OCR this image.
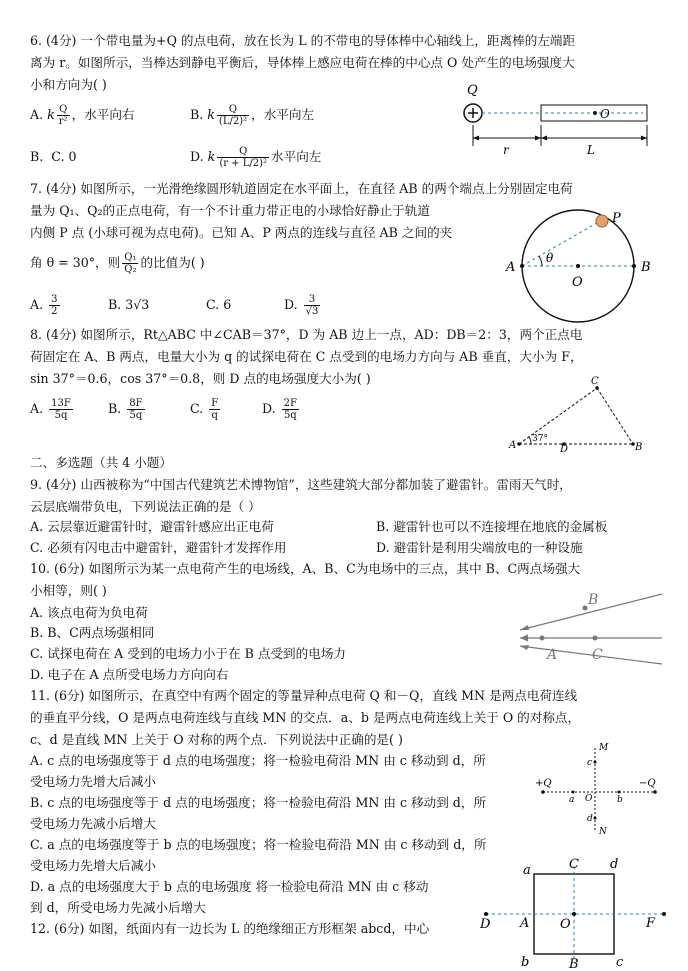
6. (4分) 一个带电量为+Q 的点电荷，放在长为 L 的不带电的导体棒中心轴线上，距离棒的左端距
离为 r。如图所示，当棒达到静电平衡后，导体棒上感应电荷在棒的中心点 O 处产生的电场强度大
小和方向为( )
A. k $\frac{Q}{\text{r²}}$ ，水平向右	B. k $\frac{Q}{\text{(L/2)²}}$ ，水平向左
B. C. 0	D. k $\frac{Q}{\text{(r + L/2)²}}$ 水平向左
Q
O
r	L
7. (4分) 如图所示，一光滑绝缘圆形轨道固定在水平面上，在直径 AB 的两个端点上分别固定电荷
量为 Q₁、Q₂的正点电荷，有一个不计重力带正电的小球恰好静止于轨道
内侧 P 点 (小球可视为点电荷)。已知 A、P 两点的连线与直径 AB 之间的夹
角 θ = 30°，则 $\frac{\text{Q₁}}{\text{Q₂}}$ 的比值为( )
A. $\frac{3}{2}$	B. 3√3	C. 6	D. $\frac{3}{√3}$
P
A	B
O
θ
8. (4分) 如图所示，Rt△ABC 中∠CAB＝37°，D 为 AB 边上一点，AD：DB＝2：3，两个正点电
荷固定在 A、B 两点，电量大小为 q 的试探电荷在 C 点受到的电场力方向与 AB 垂直，大小为 F，
sin 37°＝0.6，cos 37°＝0.8，则 D 点的电场强度大小为( )
A. $\frac{13F}{5q}$	B. $\frac{8F}{5q}$	C. $\frac{F}{q}$	D. $\frac{2F}{5q}$
C
A	B
D
37°
二、多选题（共 4 小题）
9. (4分) 山西被称为“中国古代建筑艺术博物馆”，这些建筑大部分都加装了避雷针。雷雨天气时，
云层底端带负电，下列说法正确的是（ ）
A. 云层靠近避雷针时，避雷针感应出正电荷	B. 避雷针也可以不连接埋在地底的金属板
C. 必须有闪电击中避雷针，避雷针才发挥作用	D. 避雷针是利用尖端放电的一种设施
10. (6分) 如图所示为某一点电荷产生的电场线，A、B、C为电场中的三点，其中 B、C两点场强大
小相等，则( )
A. 该点电荷为负电荷
B. B、C两点场强相同
C. 试探电荷在 A 受到的电场力小于在 B 点受到的电场力
D. 电子在 A 点所受电场力方向向右
B
A C
11. (6分) 如图所示，在真空中有两个固定的等量异种点电荷 Q 和－Q，直线 MN 是两点电荷连线
的垂直平分线，O 是两点电荷连线与直线 MN 的交点．a、b 是两点电荷连线上关于 O 的对称点，
c、d 是直线 MN 上关于 O 对称的两个点．下列说法中正确的是( )
A. c 点的电场强度等于 d 点的电场强度；将一检验电荷沿 MN 由 c 移动到 d，所
受电场力先增大后减小
B. c 点的电场强度等于 d 点的电场强度；将一检验电荷沿 MN 由 c 移动到 d，所
受电场力先减小后增大
C. a 点的电场强度等于 b 点的电场强度；将一检验电荷沿 MN 由 c 移动到 d，所
受电场力先增大后减小
D. a 点的电场强度大于 b 点的电场强度 将一检验电荷沿 MN 由 c 移动
到 d，所受电场力先减小后增大
M
N
+Q	−Q
a	b
c
d
O
12. (6分) 如图，纸面内有一边长为 L 的绝缘细正方形框架 abcd，中心
a
b	c
d
C
B
A
D	O	F
